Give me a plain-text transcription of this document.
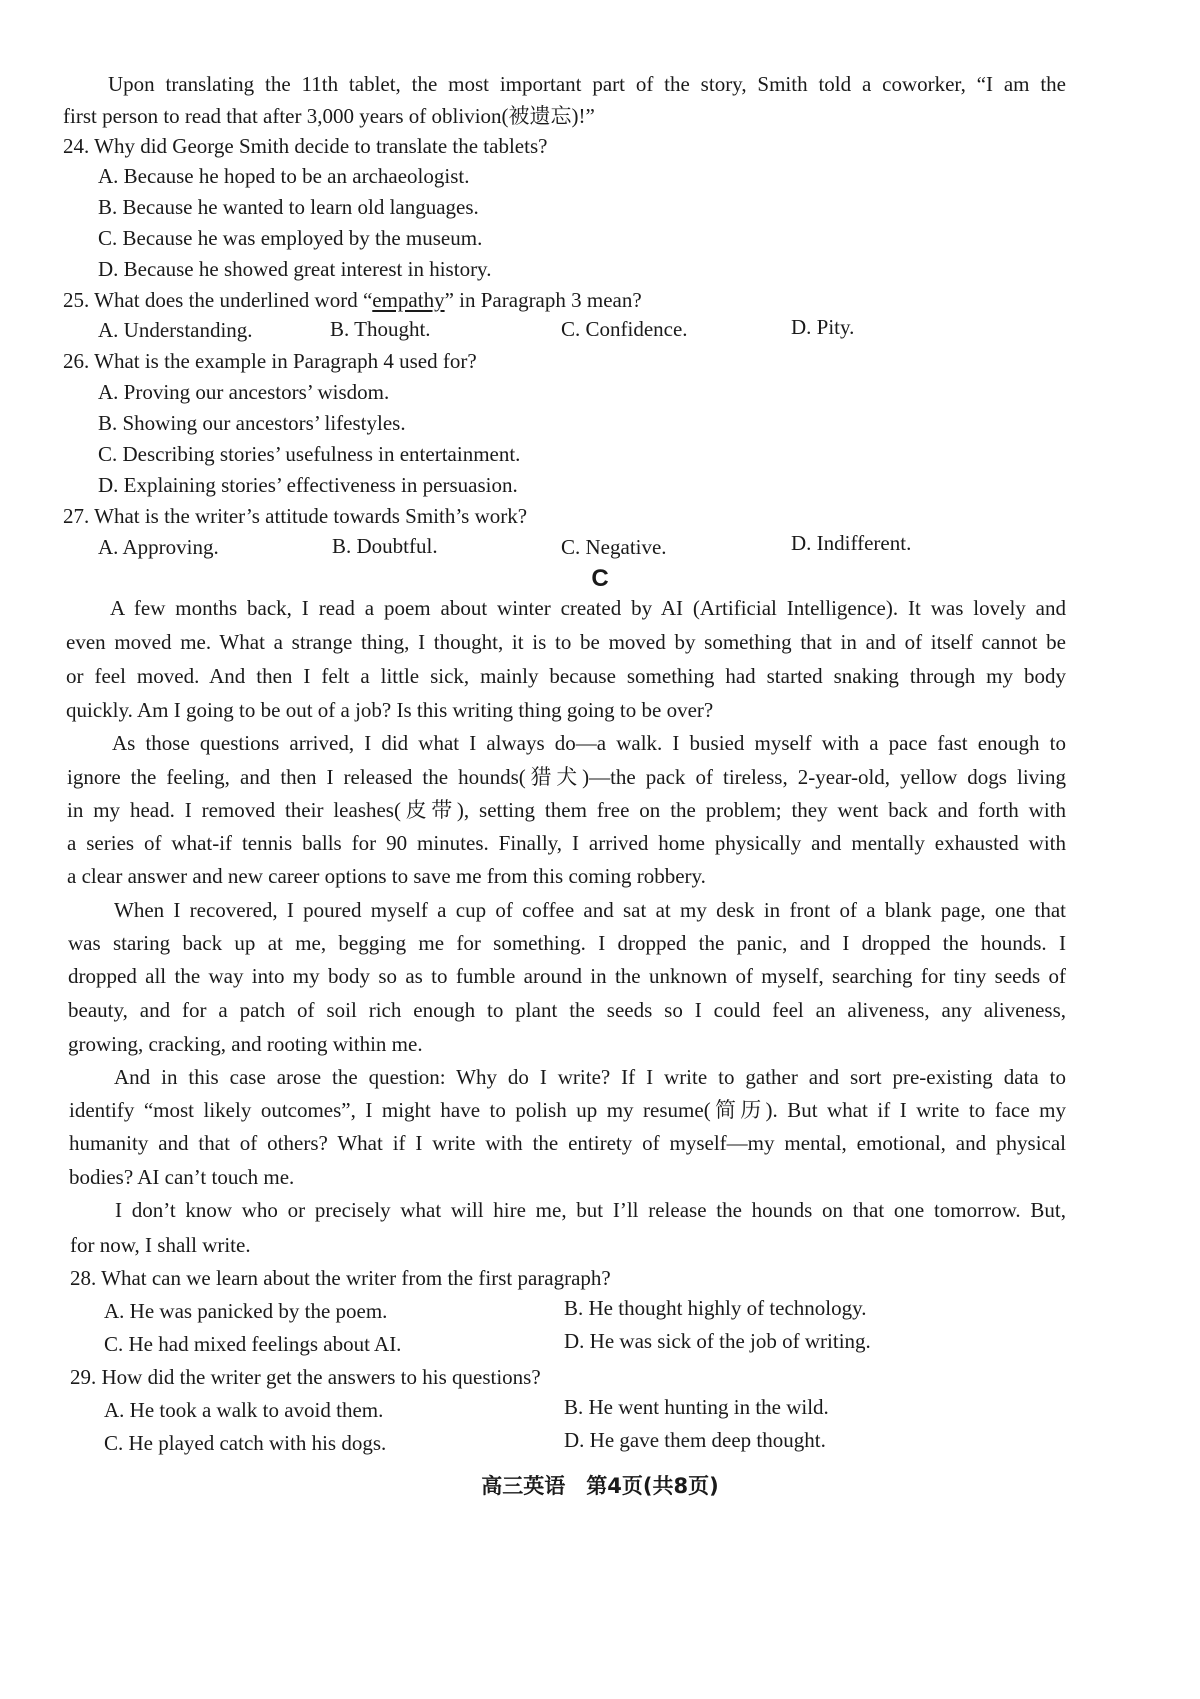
Upon translating the 11th tablet, the most important part of the story, Smith told a coworker, “I am the
first person to read that after 3,000 years of oblivion(被遗忘)!”
24. Why did George Smith decide to translate the tablets?
A. Because he hoped to be an archaeologist.
B. Because he wanted to learn old languages.
C. Because he was employed by the museum.
D. Because he showed great interest in history.
25. What does the underlined word “empathy” in Paragraph 3 mean?
A. Understanding.	B. Thought.	C. Confidence.	D. Pity.
26. What is the example in Paragraph 4 used for?
A. Proving our ancestors’ wisdom.
B. Showing our ancestors’ lifestyles.
C. Describing stories’ usefulness in entertainment.
D. Explaining stories’ effectiveness in persuasion.
27. What is the writer’s attitude towards Smith’s work?
A. Approving.	B. Doubtful.	C. Negative.	D. Indifferent.
C
A few months back, I read a poem about winter created by AI (Artificial Intelligence). It was lovely and
even moved me. What a strange thing, I thought, it is to be moved by something that in and of itself cannot be
or feel moved. And then I felt a little sick, mainly because something had started snaking through my body
quickly. Am I going to be out of a job? Is this writing thing going to be over?
As those questions arrived, I did what I always do—a walk. I busied myself with a pace fast enough to
ignore the feeling, and then I released the hounds(猎犬)—the pack of tireless, 2-year-old, yellow dogs living
in my head. I removed their leashes(皮带), setting them free on the problem; they went back and forth with
a series of what-if tennis balls for 90 minutes. Finally, I arrived home physically and mentally exhausted with
a clear answer and new career options to save me from this coming robbery.
When I recovered, I poured myself a cup of coffee and sat at my desk in front of a blank page, one that
was staring back up at me, begging me for something. I dropped the panic, and I dropped the hounds. I
dropped all the way into my body so as to fumble around in the unknown of myself, searching for tiny seeds of
beauty, and for a patch of soil rich enough to plant the seeds so I could feel an aliveness, any aliveness,
growing, cracking, and rooting within me.
And in this case arose the question: Why do I write? If I write to gather and sort pre-existing data to
identify “most likely outcomes”, I might have to polish up my resume(简历). But what if I write to face my
humanity and that of others? What if I write with the entirety of myself—my mental, emotional, and physical
bodies? AI can’t touch me.
I don’t know who or precisely what will hire me, but I’ll release the hounds on that one tomorrow. But,
for now, I shall write.
28. What can we learn about the writer from the first paragraph?
A. He was panicked by the poem.	B. He thought highly of technology.
C. He had mixed feelings about AI.	D. He was sick of the job of writing.
29. How did the writer get the answers to his questions?
A. He took a walk to avoid them.	B. He went hunting in the wild.
C. He played catch with his dogs.	D. He gave them deep thought.
高三英语　第4页(共8页)
